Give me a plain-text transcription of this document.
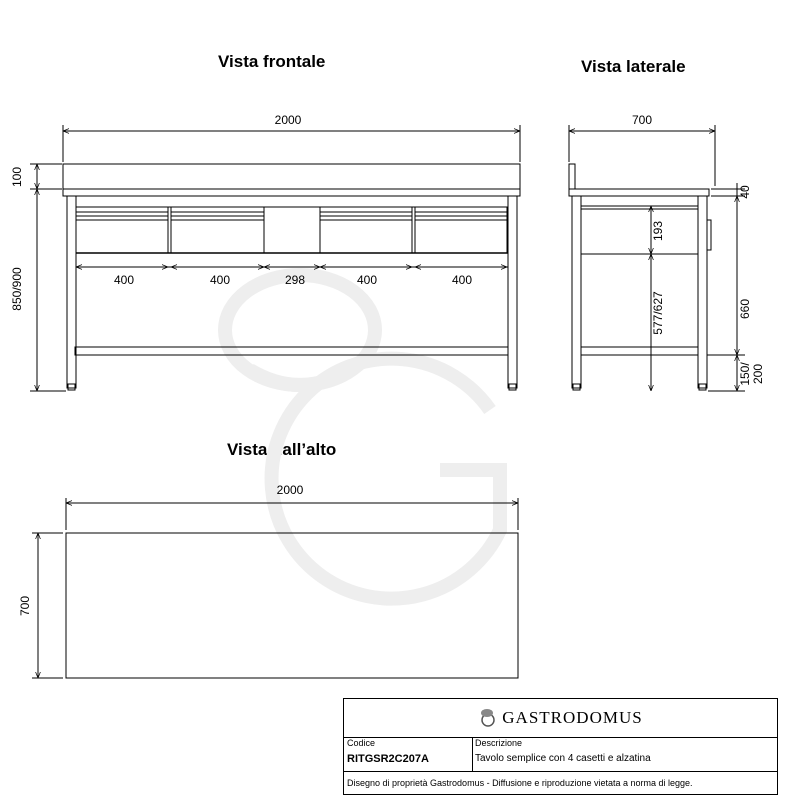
Vista frontale	Vista laterale
Vista dall’alto
2000
100
850/900	400	400	298	400	400
700
40
193
577/627	660
150/200
2000
700
GASTRODOMUS
Codice
RITGSR2C207A
Descrizione
Tavolo semplice con 4 casetti e alzatina
Disegno di proprietà Gastrodomus - Diffusione e riproduzione vietata a norma di legge.
